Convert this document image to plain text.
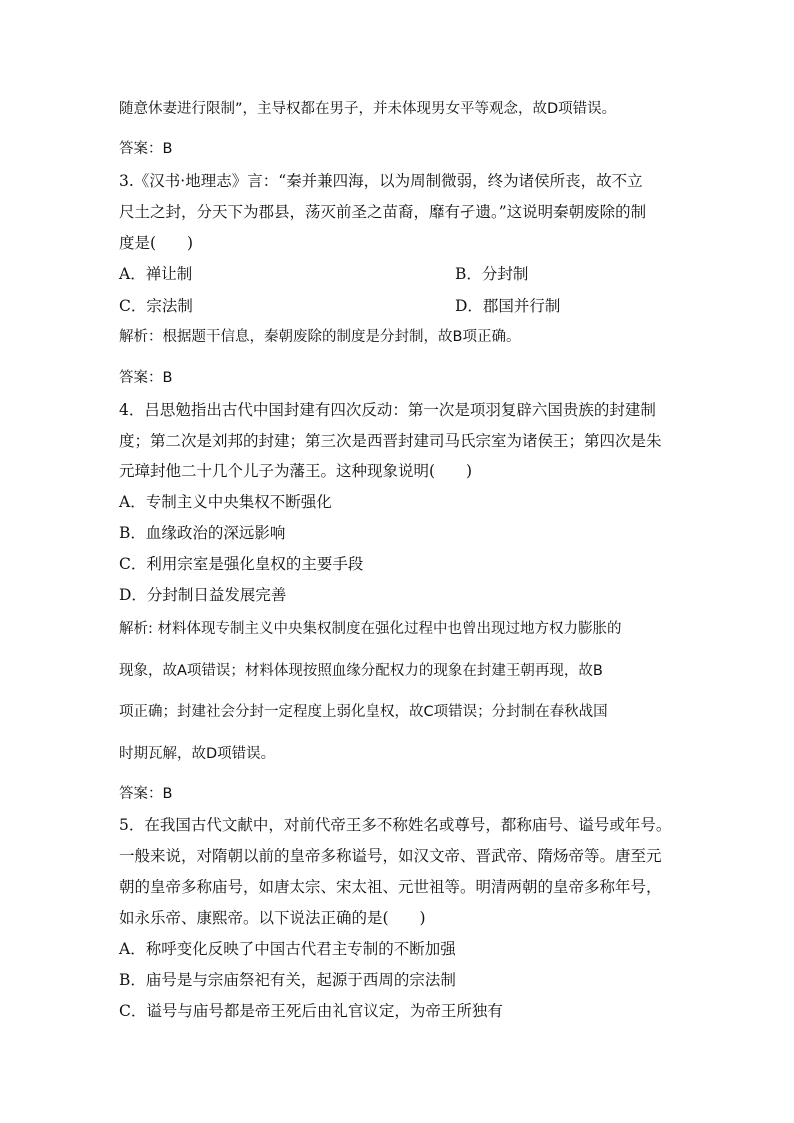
随意休妻进行限制”，主导权都在男子，并未体现男女平等观念，故D项错误。
答案：B
3.《汉书·地理志》言：“秦并兼四海，以为周制微弱，终为诸侯所丧，故不立
尺土之封，分天下为郡县，荡灭前圣之苗裔，靡有孑遗。”这说明秦朝废除的制
度是(　　)
A．禅让制	B．分封制
C．宗法制	D．郡国并行制
解析：根据题干信息，秦朝废除的制度是分封制，故B项正确。
答案：B
4．吕思勉指出古代中国封建有四次反动：第一次是项羽复辟六国贵族的封建制
度；第二次是刘邦的封建；第三次是西晋封建司马氏宗室为诸侯王；第四次是朱
元璋封他二十几个儿子为藩王。这种现象说明(　　)
A．专制主义中央集权不断强化
B．血缘政治的深远影响
C．利用宗室是强化皇权的主要手段
D．分封制日益发展完善
解析: 材料体现专制主义中央集权制度在强化过程中也曾出现过地方权力膨胀的
现象，故A项错误；材料体现按照血缘分配权力的现象在封建王朝再现，故B
项正确；封建社会分封一定程度上弱化皇权，故C项错误；分封制在春秋战国
时期瓦解，故D项错误。
答案：B
5．在我国古代文献中，对前代帝王多不称姓名或尊号，都称庙号、谥号或年号。
一般来说，对隋朝以前的皇帝多称谥号，如汉文帝、晋武帝、隋炀帝等。唐至元
朝的皇帝多称庙号，如唐太宗、宋太祖、元世祖等。明清两朝的皇帝多称年号，
如永乐帝、康熙帝。以下说法正确的是(　　)
A．称呼变化反映了中国古代君主专制的不断加强
B．庙号是与宗庙祭祀有关，起源于西周的宗法制
C．谥号与庙号都是帝王死后由礼官议定，为帝王所独有
